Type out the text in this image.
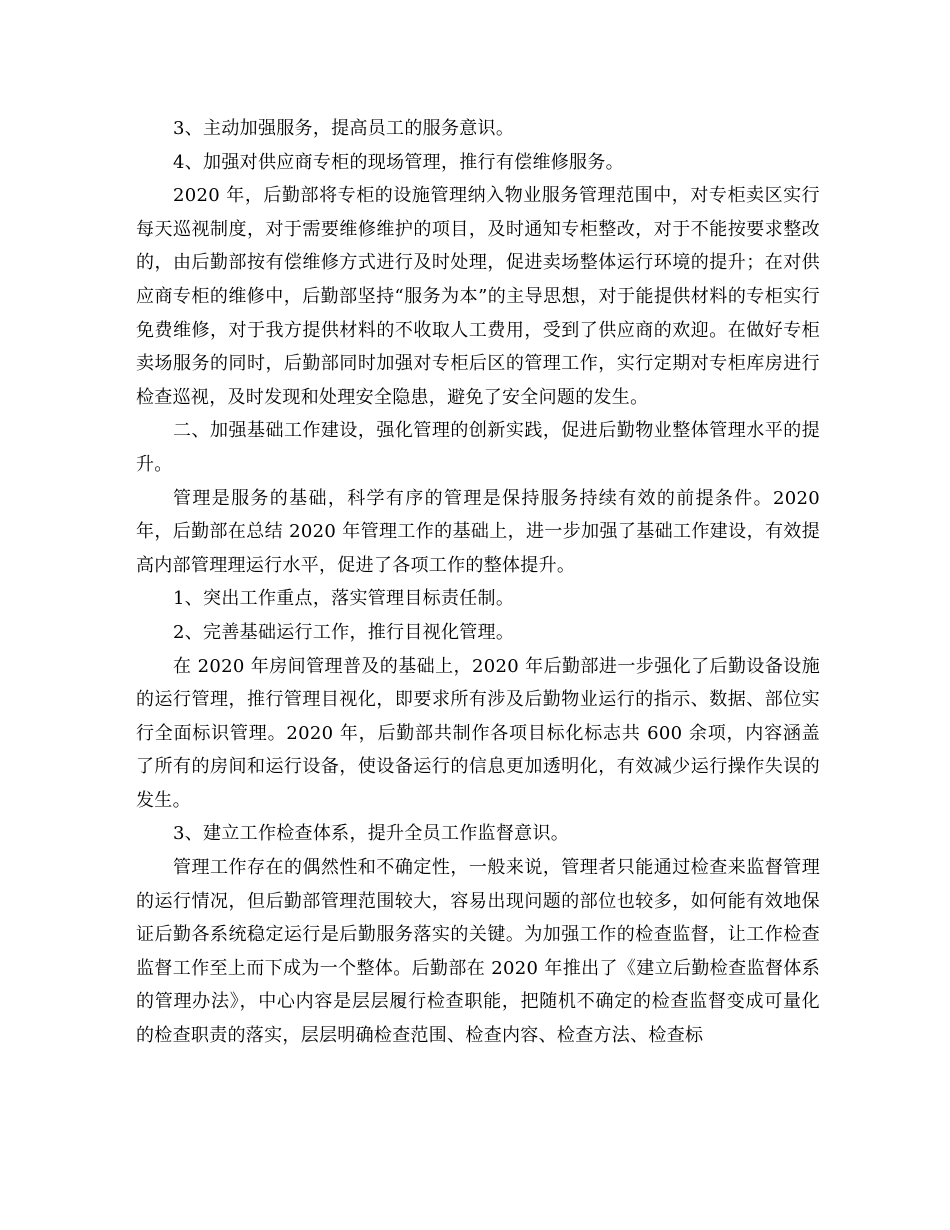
3、主动加强服务，提高员工的服务意识。

4、加强对供应商专柜的现场管理，推行有偿维修服务。

2020 年，后勤部将专柜的设施管理纳入物业服务管理范围中，对专柜卖区实行每天巡视制度，对于需要维修维护的项目，及时通知专柜整改，对于不能按要求整改的，由后勤部按有偿维修方式进行及时处理，促进卖场整体运行环境的提升；在对供应商专柜的维修中，后勤部坚持“服务为本”的主导思想，对于能提供材料的专柜实行免费维修，对于我方提供材料的不收取人工费用，受到了供应商的欢迎。在做好专柜卖场服务的同时，后勤部同时加强对专柜后区的管理工作，实行定期对专柜库房进行检查巡视，及时发现和处理安全隐患，避免了安全问题的发生。

二、加强基础工作建设，强化管理的创新实践，促进后勤物业整体管理水平的提升。

管理是服务的基础，科学有序的管理是保持服务持续有效的前提条件。2020 年，后勤部在总结 2020 年管理工作的基础上，进一步加强了基础工作建设，有效提高内部管理理运行水平，促进了各项工作的整体提升。

1、突出工作重点，落实管理目标责任制。

2、完善基础运行工作，推行目视化管理。

在 2020 年房间管理普及的基础上，2020 年后勤部进一步强化了后勤设备设施的运行管理，推行管理目视化，即要求所有涉及后勤物业运行的指示、数据、部位实行全面标识管理。2020 年，后勤部共制作各项目标化标志共 600 余项，内容涵盖了所有的房间和运行设备，使设备运行的信息更加透明化，有效减少运行操作失误的发生。

3、建立工作检查体系，提升全员工作监督意识。

管理工作存在的偶然性和不确定性，一般来说，管理者只能通过检查来监督管理的运行情况，但后勤部管理范围较大，容易出现问题的部位也较多，如何能有效地保证后勤各系统稳定运行是后勤服务落实的关键。为加强工作的检查监督，让工作检查监督工作至上而下成为一个整体。后勤部在 2020 年推出了《建立后勤检查监督体系的管理办法》，中心内容是层层履行检查职能，把随机不确定的检查监督变成可量化的检查职责的落实，层层明确检查范围、检查内容、检查方法、检查标
